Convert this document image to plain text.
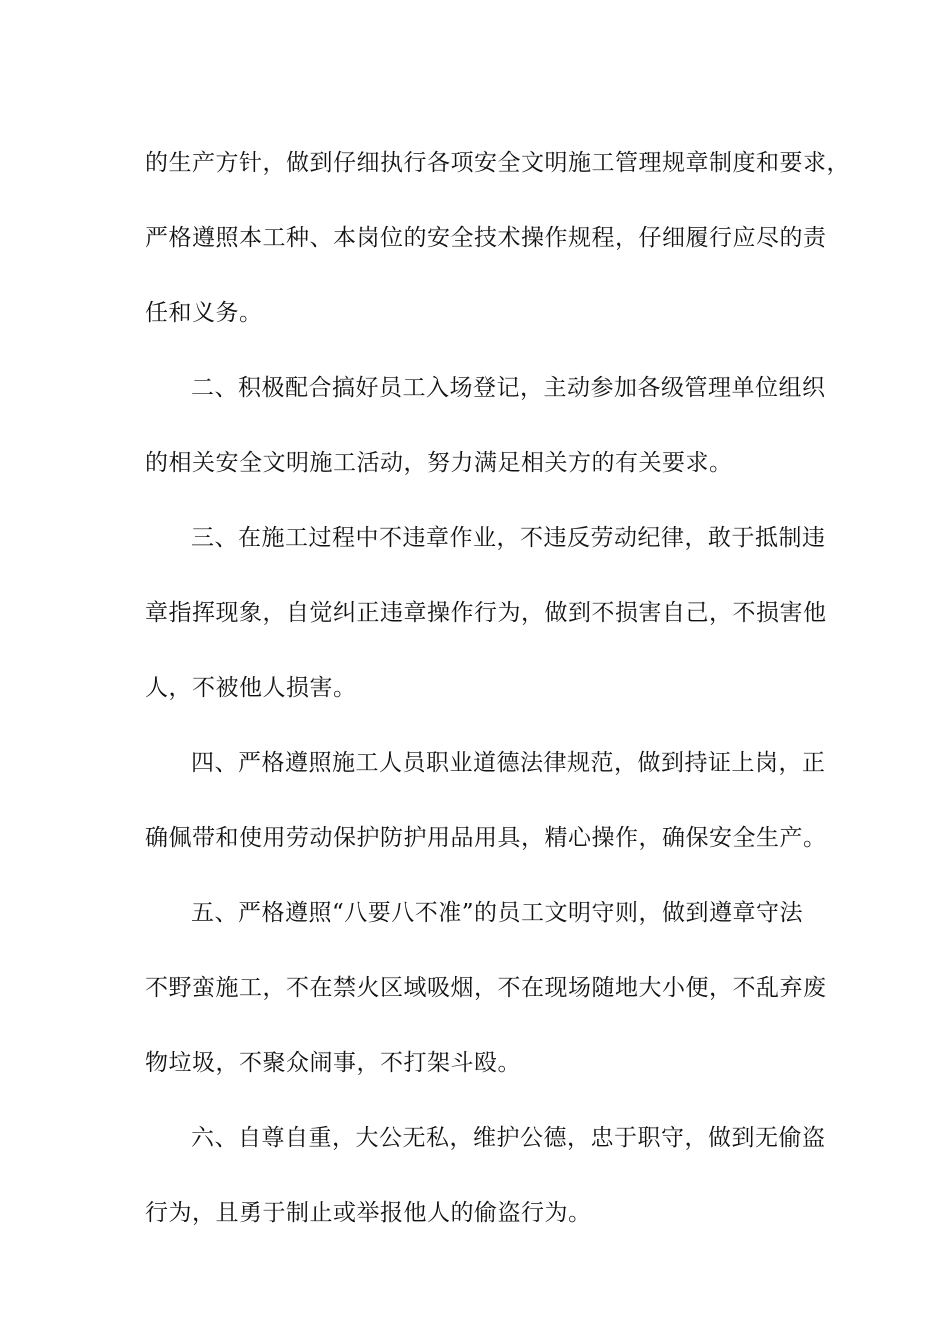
的生产方针，做到仔细执行各项安全文明施工管理规章制度和要求，
严格遵照本工种、本岗位的安全技术操作规程，仔细履行应尽的责
任和义务。
二、积极配合搞好员工入场登记，主动参加各级管理单位组织
的相关安全文明施工活动，努力满足相关方的有关要求。
三、在施工过程中不违章作业，不违反劳动纪律，敢于抵制违
章指挥现象，自觉纠正违章操作行为，做到不损害自己，不损害他
人，不被他人损害。
四、严格遵照施工人员职业道德法律规范，做到持证上岗，正
确佩带和使用劳动保护防护用品用具，精心操作，确保安全生产。
五、严格遵照“八要八不准”的员工文明守则，做到遵章守法
不野蛮施工，不在禁火区域吸烟，不在现场随地大小便，不乱弃废
物垃圾，不聚众闹事，不打架斗殴。
六、自尊自重，大公无私，维护公德，忠于职守，做到无偷盗
行为，且勇于制止或举报他人的偷盗行为。
